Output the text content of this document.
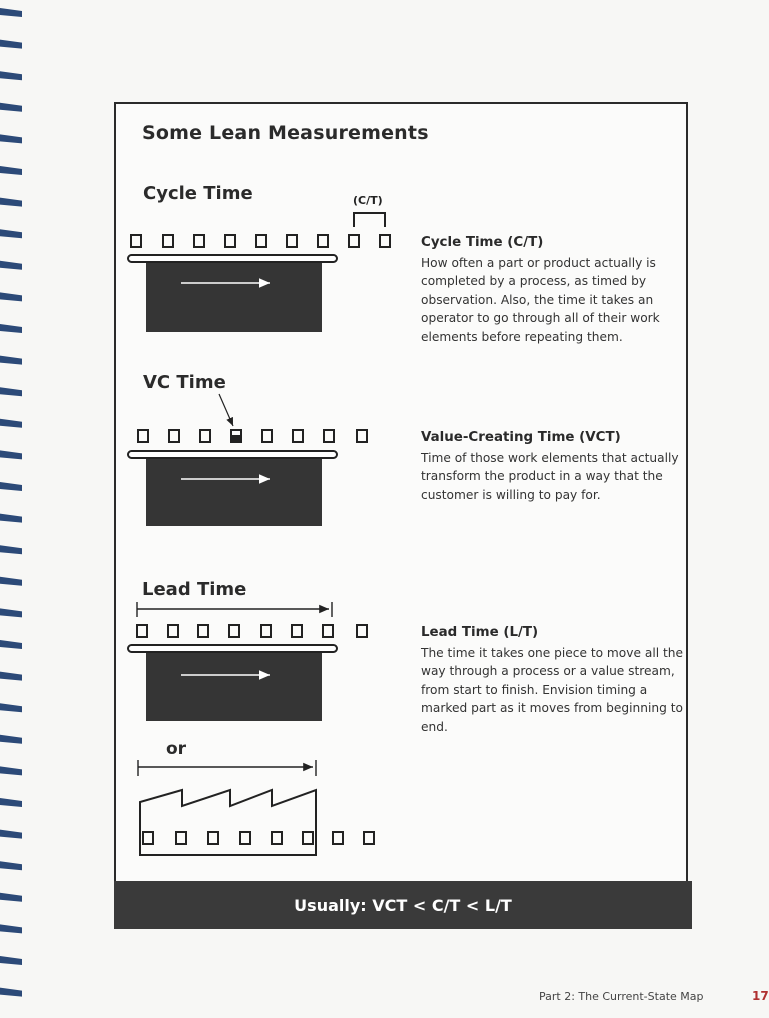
Some Lean Measurements
Cycle Time	(C/T)
VC Time
Lead Time
or
Cycle Time (C/T)
How often a part or product actually is completed by a process, as timed by observation. Also, the time it takes an operator to go through all of their work elements before repeating them.
Value-Creating Time (VCT)
Time of those work elements that actually transform the product in a way that the customer is willing to pay for.
Lead Time (L/T)
The time it takes one piece to move all the way through a process or a value stream, from start to finish. Envision timing a marked part as it moves from beginning to end.
Usually: VCT < C/T < L/T
Part 2: The Current-State Map	17
